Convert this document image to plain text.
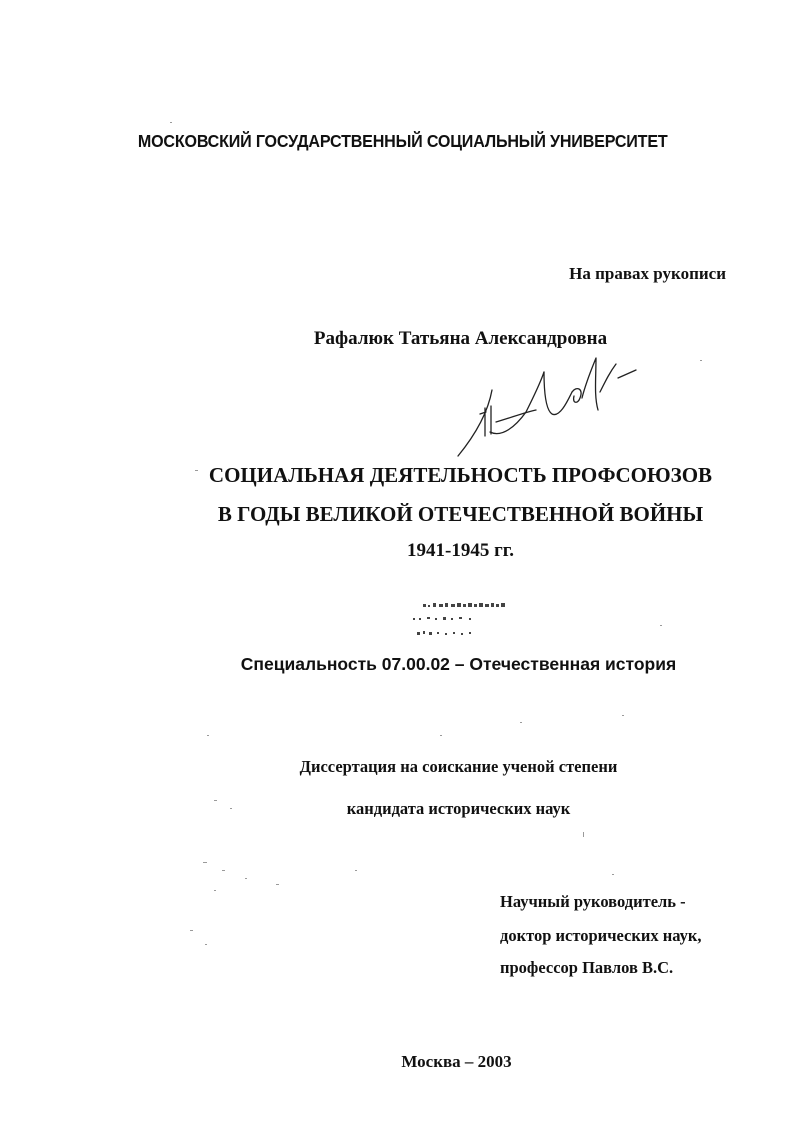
МОСКОВСКИЙ ГОСУДАРСТВЕННЫЙ СОЦИАЛЬНЫЙ УНИВЕРСИТЕТ
На правах рукописи
Рафалюк Татьяна Александровна
СОЦИАЛЬНАЯ ДЕЯТЕЛЬНОСТЬ ПРОФСОЮЗОВ
В ГОДЫ ВЕЛИКОЙ ОТЕЧЕСТВЕННОЙ ВОЙНЫ
1941-1945 гг.
Специальность 07.00.02 – Отечественная история
Диссертация на соискание ученой степени
кандидата исторических наук
Научный руководитель -
доктор исторических наук,
профессор Павлов В.С.
Москва – 2003
